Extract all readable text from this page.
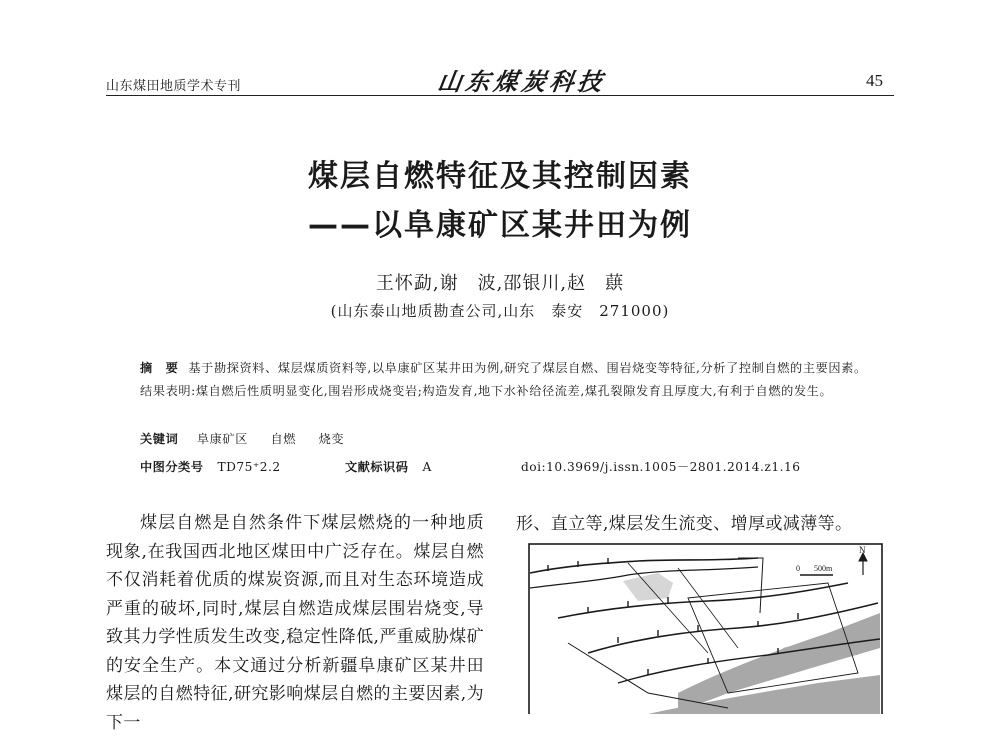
山东煤田地质学术专刊	山东煤炭科技	45
煤层自燃特征及其控制因素
——以阜康矿区某井田为例
王怀勐,谢　波,邵银川,赵　蕻
(山东泰山地质勘查公司,山东　泰安　271000)
摘　要 基于勘探资料、煤层煤质资料等,以阜康矿区某井田为例,研究了煤层自燃、围岩烧变等特征,分析了控制自燃的主要因素。结果表明:煤自燃后性质明显变化,围岩形成烧变岩;构造发育,地下水补给径流差,煤孔裂隙发育且厚度大,有利于自燃的发生。
关键词 阜康矿区 自燃 烧变
中图分类号 TD75⁺2.2	文献标识码 A	doi:10.3969/j.issn.1005－2801.2014.z1.16

煤层自燃是自然条件下煤层燃烧的一种地质现象,在我国西北地区煤田中广泛存在。煤层自燃不仅消耗着优质的煤炭资源,而且对生态环境造成严重的破坏,同时,煤层自燃造成煤层围岩烧变,导致其力学性质发生改变,稳定性降低,严重威胁煤矿的安全生产。本文通过分析新疆阜康矿区某井田煤层的自燃特征,研究影响煤层自燃的主要因素,为下一

形、直立等,煤层发生流变、增厚或减薄等。
N
0 500m
